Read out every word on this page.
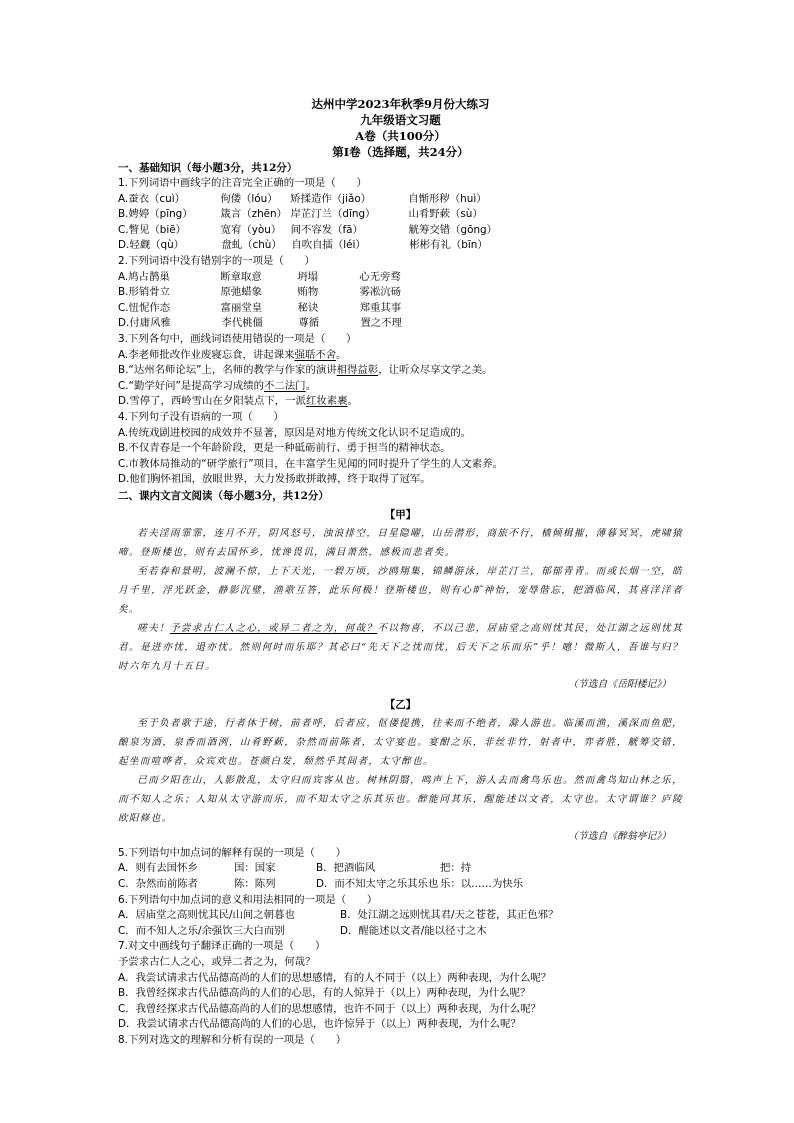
达州中学2023年秋季9月份大练习
九年级语文习题
A卷（共100分）
第Ⅰ卷（选择题，共24分）
一、基础知识（每小题3分，共12分）
1.下列词语中画线字的注音完全正确的一项是（　　）
A. 蚕衣（cuì）	佝偻（lóu）	矫揉造作（jiǎo）	自惭形秽（huì）
B. 娉婷（pīng）	箴言（zhēn） 岸芷汀兰（dīng）	山肴野蔌（sù）
C. 瞥见（biē）	宽宥（yòu） 间不容发（fā）	觥筹交错（gōng）
D. 轻觑（qù）	盘虬（chù） 自吹自擂（léi）	彬彬有礼（bīn）
2.下列词语中没有错别字的一项是（　　）
A. 鸠占鹊巢	断章取意	坍塌	心无旁骛
B. 形销骨立	原弛蜡象	贿物	雾凇沆砀
C. 忸怩作态	富丽堂皇	秘诀	郑重其事
D. 付庸风雅	李代桃僵	尊循	置之不理
3.下列各句中，画线词语使用错误的一项是（　　）
A.李老师批改作业废寝忘食，讲起课来强聒不舍。
B.“达州名师论坛”上，名师的教学与作家的演讲相得益彰，让听众尽享文学之美。
C.“勤学好问”是提高学习成绩的不二法门。
D.雪停了，西岭雪山在夕阳装点下，一派红妆素裹。
4.下列句子没有语病的一项（　　）
A.传统戏剧进校园的成效并不显著，原因是对地方传统文化认识不足造成的。
B.不仅青春是一个年龄阶段，更是一种砥砺前行、勇于担当的精神状态。
C.市教体局推动的“研学旅行”项目，在丰富学生见闻的同时提升了学生的人文素养。
D.他们胸怀祖国，放眼世界，大力发扬敢拼敢搏，终于取得了冠军。
二、课内文言文阅读（每小题3分，共12分）
【甲】
若夫淫雨霏霏，连月不开，阴风怒号，浊浪排空，日星隐曜，山岳潜形，商旅不行，樯倾楫摧，薄暮冥冥，虎啸猿啼。登斯楼也，则有去国怀乡，忧谗畏讥，满目萧然，感极而悲者矣。
至若春和景明，波澜不惊，上下天光，一碧万顷，沙鸥翔集，锦鳞游泳，岸芷汀兰，郁郁青青。而或长烟一空，皓月千里，浮光跃金，静影沉璧，渔歌互答，此乐何极！登斯楼也，则有心旷神怡，宠辱偕忘，把酒临风，其喜洋洋者矣。
嗟夫！予尝求古仁人之心，或异二者之为，何哉？不以物喜，不以己悲，居庙堂之高则忧其民，处江湖之远则忧其君。是进亦忧，退亦忧。然则何时而乐耶？其必曰“先天下之忧而忧，后天下之乐而乐”乎！噫！微斯人，吾谁与归？时六年九月十五日。
（节选自《岳阳楼记》）
【乙】
至于负者歌于途，行者休于树，前者呼，后者应，伛偻提携，往来而不绝者，滁人游也。临溪而渔，溪深而鱼肥，酿泉为酒，泉香而酒洌，山肴野蔌，杂然而前陈者，太守宴也。宴酣之乐，非丝非竹，射者中，弈者胜，觥筹交错，起坐而喧哗者，众宾欢也。苍颜白发，颓然乎其间者，太守醉也。
已而夕阳在山，人影散乱，太守归而宾客从也。树林阴翳，鸣声上下，游人去而禽鸟乐也。然而禽鸟知山林之乐，而不知人之乐；人知从太守游而乐，而不知太守之乐其乐也。醉能同其乐，醒能述以文者，太守也。太守谓谁？庐陵欧阳修也。
（节选自《醉翁亭记》）
5.下列语句中加点词的解释有误的一项是（　　）
A．则有去国怀乡	国：国家	B．把酒临风	把：持
C．杂然而前陈者	陈：陈列	D．而不知太守之乐其乐也 乐：以……为快乐
6.下列语句中加点词的意义和用法相同的一项是（　　）
A．居庙堂之高则忧其民/山间之朝暮也	B．处江湖之远则忧其君/天之苍苍，其正色邪？
C．而不知人之乐/余强饮三大白而别	D．醒能述以文者/能以径寸之木
7.对文中画线句子翻译正确的一项是（　　）
予尝求古仁人之心，或异二者之为，何哉？
A．我尝试请求古代品德高尚的人们的思想感情，有的人不同于（以上）两种表现，为什么呢？
B．我曾经探求古代品德高尚的人们的心思，有的人惊异于（以上）两种表现，为什么呢？
C．我曾经探求古代品德高尚的人们的思想感情，也许不同于（以上）两种表现，为什么呢？
D．我尝试请求古代品德高尚的人们的心思，也许惊异于（以上）两种表现，为什么呢？
8.下列对选文的理解和分析有误的一项是（　　）
